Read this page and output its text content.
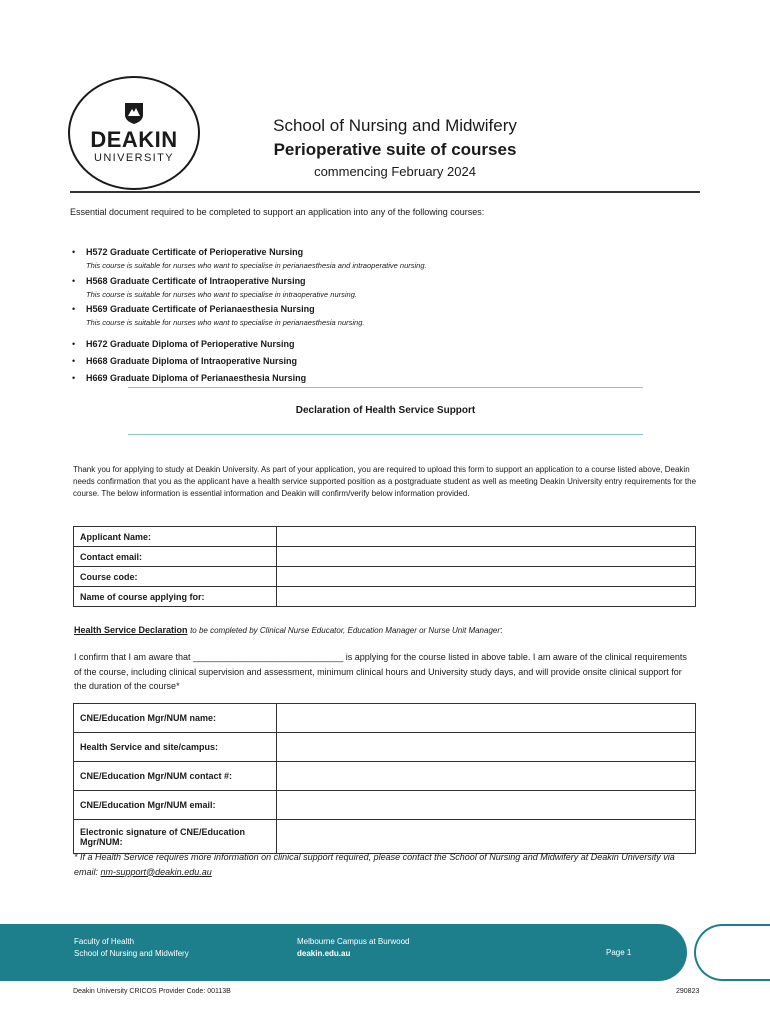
DEAKIN
UNIVERSITY
School of Nursing and Midwifery
Perioperative suite of courses
commencing February 2024
Essential document required to be completed to support an application into any of the following courses:
• H572 Graduate Certificate of Perioperative Nursing
This course is suitable for nurses who want to specialise in perianaesthesia and intraoperative nursing.
• H568 Graduate Certificate of Intraoperative Nursing
This course is suitable for nurses who want to specialise in intraoperative nursing.
• H569 Graduate Certificate of Perianaesthesia Nursing
This course is suitable for nurses who want to specialise in perianaesthesia nursing.
• H672 Graduate Diploma of Perioperative Nursing
• H668 Graduate Diploma of Intraoperative Nursing
• H669 Graduate Diploma of Perianaesthesia Nursing
Declaration of Health Service Support
Thank you for applying to study at Deakin University. As part of your application, you are required to upload this form to support an application to a course listed above, Deakin needs confirmation that you as the applicant have a health service supported position as a postgraduate student as well as meeting Deakin University entry requirements for the course. The below information is essential information and Deakin will confirm/verify below information provided.
Applicant Name:	
Contact email:	
Course code:	
Name of course applying for:	
Health Service Declaration to be completed by Clinical Nurse Educator, Education Manager or Nurse Unit Manager:
I confirm that I am aware that ______________________________ is applying for the course listed in above table. I am aware of the clinical requirements of the course, including clinical supervision and assessment, minimum clinical hours and University study days, and will provide onsite clinical support for the duration of the course*
CNE/Education Mgr/NUM name:	
Health Service and site/campus:	
CNE/Education Mgr/NUM contact #:	
CNE/Education Mgr/NUM email:	
Electronic signature of CNE/Education Mgr/NUM:	
* If a Health Service requires more information on clinical support required, please contact the School of Nursing and Midwifery at Deakin University via email: nm-support@deakin.edu.au
Faculty of Health
School of Nursing and Midwifery
Melbourne Campus at Burwood
deakin.edu.au	Page 1
Deakin University CRICOS Provider Code: 00113B	290823
